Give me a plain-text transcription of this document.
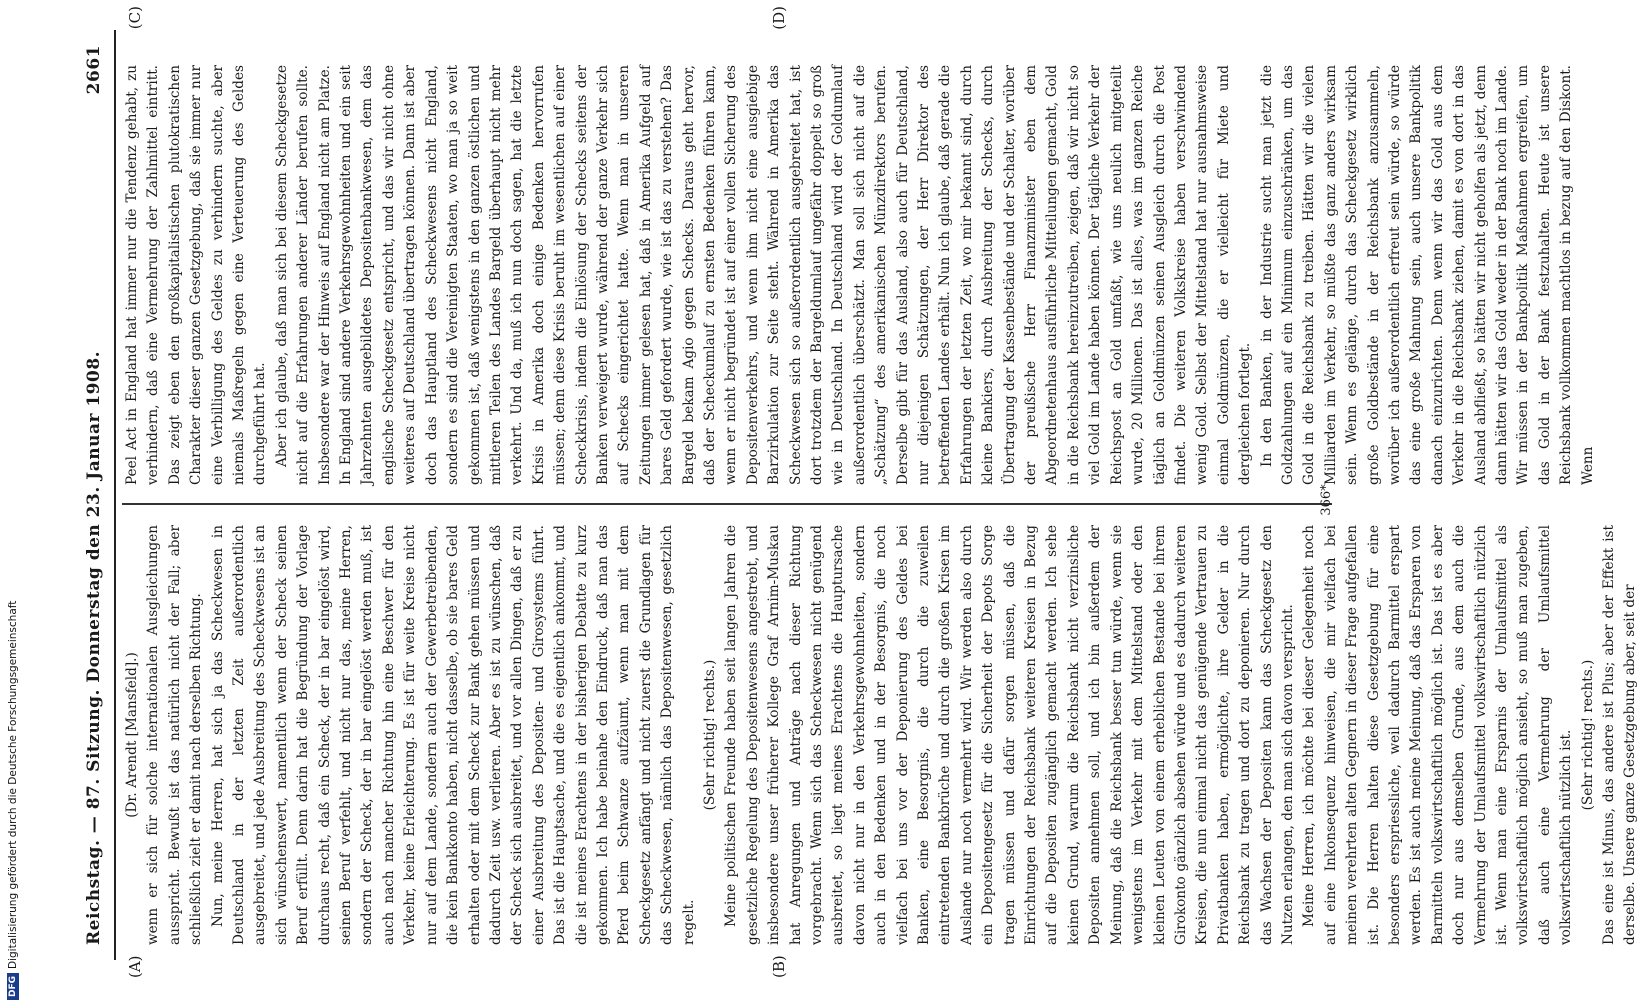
Reichstag. — 87. Sitzung. Donnerstag den 23. Januar 1908.
2661
(A)	(B)
(C)	(D)

(Dr. Arendt [Mansfeld].) wenn er sich für solche internationalen Ausgleichungen ausspricht. Bewußt ist das natürlich nicht der Fall; aber schließlich zielt er damit nach derselben Richtung. Nun, meine Herren, hat sich ja das Scheckwesen in Deutschland in der letzten Zeit außerordentlich ausgebreitet, und jede Ausbreitung des Scheckwesens ist an sich wünschenswert, namentlich wenn der Scheck seinen Beruf erfüllt. Denn darin hat die Begründung der Vorlage durchaus recht, daß ein Scheck, der in bar eingelöst wird, seinen Beruf verfehlt, und nicht nur das, meine Herren, sondern der Scheck, der in bar eingelöst werden muß, ist auch nach mancher Richtung hin eine Beschwer für den Verkehr, keine Erleichterung. Es ist für weite Kreise nicht nur auf dem Lande, sondern auch der Gewerbetreibenden, die kein Bankkonto haben, nicht dasselbe, ob sie bares Geld erhalten oder mit dem Scheck zur Bank gehen müssen und dadurch Zeit usw. verlieren. Aber es ist zu wünschen, daß der Scheck sich ausbreitet, und vor allen Dingen, daß er zu einer Ausbreitung des Depositen- und Girosystems führt. Das ist die Hauptsache, und die es eigentlich ankommt, und die ist meines Erachtens in der bisherigen Debatte zu kurz gekommen. Ich habe beinahe den Eindruck, daß man das Pferd beim Schwanze aufzäumt, wenn man mit dem Scheckgesetz anfängt und nicht zuerst die Grundlagen für das Scheckwesen, nämlich das Depositenwesen, gesetzlich regelt.

(Sehr richtig! rechts.) Meine politischen Freunde haben seit langen Jahren die gesetzliche Regelung des Depositenwesens angestrebt, und insbesondere unser früherer Kollege Graf Arnim-Muskau hat Anregungen und Anträge nach dieser Richtung vorgebracht. Wenn sich das Scheckwesen nicht genügend ausbreitet, so liegt meines Erachtens die Hauptursache davon nicht nur in den Verkehrsgewohnheiten, sondern auch in den Bedenken und in der Besorgnis, die noch vielfach bei uns vor der Deponierung des Geldes bei Banken, eine Besorgnis, die durch die zuweilen eintretenden Bankbrüche und durch die großen Krisen im Auslande nur noch vermehrt wird. Wir werden also durch ein Depositengesetz für die Sicherheit der Depots Sorge tragen müssen und dafür sorgen müssen, daß die Einrichtungen der Reichsbank weiteren Kreisen in Bezug auf die Depositen zugänglich gemacht werden. Ich sehe keinen Grund, warum die Reichsbank nicht verzinsliche Depositen annehmen soll, und ich bin außerdem der Meinung, daß die Reichsbank besser tun würde, wenn sie wenigstens im Verkehr mit dem Mittelstand oder den kleinen Leuten von einem erheblichen Bestande bei ihrem Girokonto gänzlich absehen würde und es dadurch weiteren Kreisen, die nun einmal nicht das genügende Vertrauen zu Privatbanken haben, ermöglichte, ihre Gelder in die Reichsbank zu tragen und dort zu deponieren. Nur durch das Wachsen der Depositen kann das Scheckgesetz den Nutzen erlangen, den man sich davon verspricht. Meine Herren, ich möchte bei dieser Gelegenheit noch auf eine Inkonsequenz hinweisen, die mir vielfach bei meinen verehrten alten Gegnern in dieser Frage aufgefallen ist. Die Herren halten diese Gesetzgebung für eine besonders erspriessliche, weil dadurch Barmittel erspart werden. Es ist auch meine Meinung, daß das Ersparen von Barmitteln volkswirtschaftlich möglich ist. Das ist es aber doch nur aus demselben Grunde, aus dem auch die Vermehrung der Umlaufsmittel volkswirtschaftlich nützlich ist. Wenn man eine Ersparnis der Umlaufsmittel als volkswirtschaftlich möglich ansieht, so muß man zugeben, daß auch eine Vermehrung der Umlaufsmittel volkswirtschaftlich nützlich ist. (Sehr richtig! rechts.) Das eine ist Minus, das andere ist Plus; aber der Effekt ist derselbe. Unsere ganze Gesetzgebung aber, seit der

Peel Act in England hat immer nur die Tendenz gehabt, zu verhindern, daß eine Vermehrung der Zahlmittel eintritt. Das zeigt eben den großkapitalistischen plutokratischen Charakter dieser ganzen Gesetzgebung, daß sie immer nur eine Verbilligung des Geldes zu verhindern suchte, aber niemals Maßregeln gegen eine Verteuerung des Geldes durchgeführt hat. Aber ich glaube, daß man sich bei diesem Scheckgesetze nicht auf die Erfahrungen anderer Länder berufen sollte. Insbesondere war der Hinweis auf England nicht am Platze. In England sind andere Verkehrsgewohnheiten und ein seit Jahrzehnten ausgebildetes Depositenbankwesen, dem das englische Scheckgesetz entspricht, und das wir nicht ohne weiteres auf Deutschland übertragen können. Dann ist aber doch das Hauptland des Scheckwesens nicht England, sondern es sind die Vereinigten Staaten, wo man ja so weit gekommen ist, daß wenigstens in den ganzen östlichen und mittleren Teilen des Landes Bargeld überhaupt nicht mehr verkehrt. Und da, muß ich nun doch sagen, hat die letzte Krisis in Amerika doch einige Bedenken hervorrufen müssen; denn diese Krisis beruht im wesentlichen auf einer Scheckkrisis, indem die Einlösung der Schecks seitens der Banken verweigert wurde, während der ganze Verkehr sich auf Schecks eingerichtet hatte. Wenn man in unseren Zeitungen immer gelesen hat, daß in Amerika Aufgeld auf bares Geld gefordert wurde, wie ist das zu verstehen? Das Bargeld bekam Agio gegen Schecks. Daraus geht hervor, daß der Scheckumlauf zu ernsten Bedenken führen kann, wenn er nicht begründet ist auf einer vollen Sicherung des Depositenverkehrs, und wenn ihm nicht eine ausgiebige Barzirkulation zur Seite steht. Während in Amerika das Scheckwesen sich so außerordentlich ausgebreitet hat, ist dort trotzdem der Bargeldumlauf ungefähr doppelt so groß wie in Deutschland. In Deutschland wird der Goldumlauf außerordentlich überschätzt. Man soll sich nicht auf die „Schätzung“ des amerikanischen Münzdirektors berufen. Derselbe gibt für das Ausland, also auch für Deutschland, nur diejenigen Schätzungen, der Herr Direktor des betreffenden Landes erhält. Nun ich glaube, daß gerade die Erfahrungen der letzten Zeit, wo mir bekannt sind, durch kleine Bankiers, durch Ausbreitung der Schecks, durch Übertragung der Kassenbestände und der Schalter, worüber der preußische Herr Finanzminister eben dem Abgeordnetenhaus ausführliche Mitteilungen gemacht, Gold in die Reichsbank hereinzutreiben, zeigen, daß wir nicht so viel Gold im Lande haben können. Der tägliche Verkehr der Reichspost an Gold umfaßt, wie uns neulich mitgeteilt wurde, 20 Millionen. Das ist alles, was im ganzen Reiche täglich an Goldmünzen seinen Ausgleich durch die Post findet. Die weiteren Volkskreise haben verschwindend wenig Gold. Selbst der Mittelstand hat nur ausnahmsweise einmal Goldmünzen, die er vielleicht für Miete und dergleichen fortlegt. In den Banken, in der Industrie sucht man jetzt die Goldzahlungen auf ein Minimum einzuschränken, um das Gold in die Reichsbank zu treiben. Hätten wir die vielen Milliarden im Verkehr, so müßte das ganz anders wirksam sein. Wenn es gelänge, durch das Scheckgesetz wirklich große Goldbestände in der Reichsbank anzusammeln, worüber ich außerordentlich erfreut sein würde, so würde das eine große Mahnung sein, auch unsere Bankpolitik danach einzurichten. Denn wenn wir das Gold aus dem Verkehr in die Reichsbank ziehen, damit es von dort in das Ausland abfließt, so hätten wir nicht geholfen als jetzt, denn dann hätten wir das Gold weder in der Bank noch im Lande. Wir müssen in der Bankpolitik Maßnahmen ergreifen, um das Gold in der Bank festzuhalten. Heute ist unsere Reichsbank vollkommen machtlos in bezug auf den Diskont. Wenn

366*
DFG
Digitalisierung gefördert durch die Deutsche Forschungsgemeinschaft
